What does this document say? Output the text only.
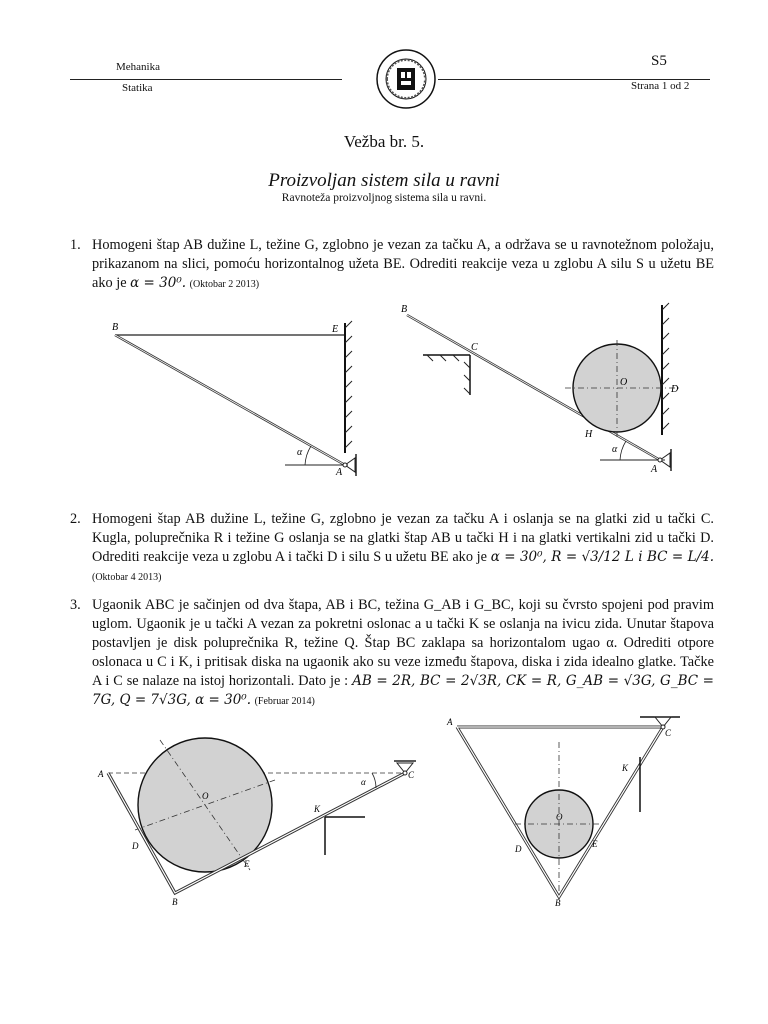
Mehanika
Statika
S5
Strana 1 od 2
Vežba br. 5.
Proizvoljan sistem sila u ravni
Ravnoteža proizvoljnog sistema sila u ravni.
1. Homogeni štap AB dužine L, težine G, zglobno je vezan za tačku A, a održava se u ravnotežnom položaju, prikazanom na slici, pomoću horizontalnog užeta BE. Odrediti reakcije veza u zglobu A silu S u užetu BE ako je α = 30⁰. (Oktobar 2 2013)
B	E
α
A
B
C
O
D
H
α
A
2. Homogeni štap AB dužine L, težine G, zglobno je vezan za tačku A i oslanja se na glatki zid u tački C. Kugla, poluprečnika R i težine G oslanja se na glatki štap AB u tački H i na glatki vertikalni zid u tački D. Odrediti reakcije veza u zglobu A i tački D i silu S u užetu BE ako je α = 30⁰, R = √3/12 L i BC = L/4. (Oktobar 4 2013)
3. Ugaonik ABC je sačinjen od dva štapa, AB i BC, težina G_AB i G_BC, koji su čvrsto spojeni pod pravim uglom. Ugaonik je u tački A vezan za pokretni oslonac a u tački K se oslanja na ivicu zida. Unutar štapova postavljen je disk poluprečnika R, težine Q. Štap BC zaklapa sa horizontalom ugao α. Odrediti otpore oslonaca u C i K, i pritisak diska na ugaonik ako su veze između štapova, diska i zida idealno glatke. Tačke A i C se nalaze na istoj horizontali. Dato je : AB = 2R, BC = 2√3R, CK = R, G_AB = √3G, G_BC = 7G, Q = 7√3G, α = 30⁰. (Februar 2014)
A
O
α
C
K
D
E
B
A
C
K
O
D	E
B
